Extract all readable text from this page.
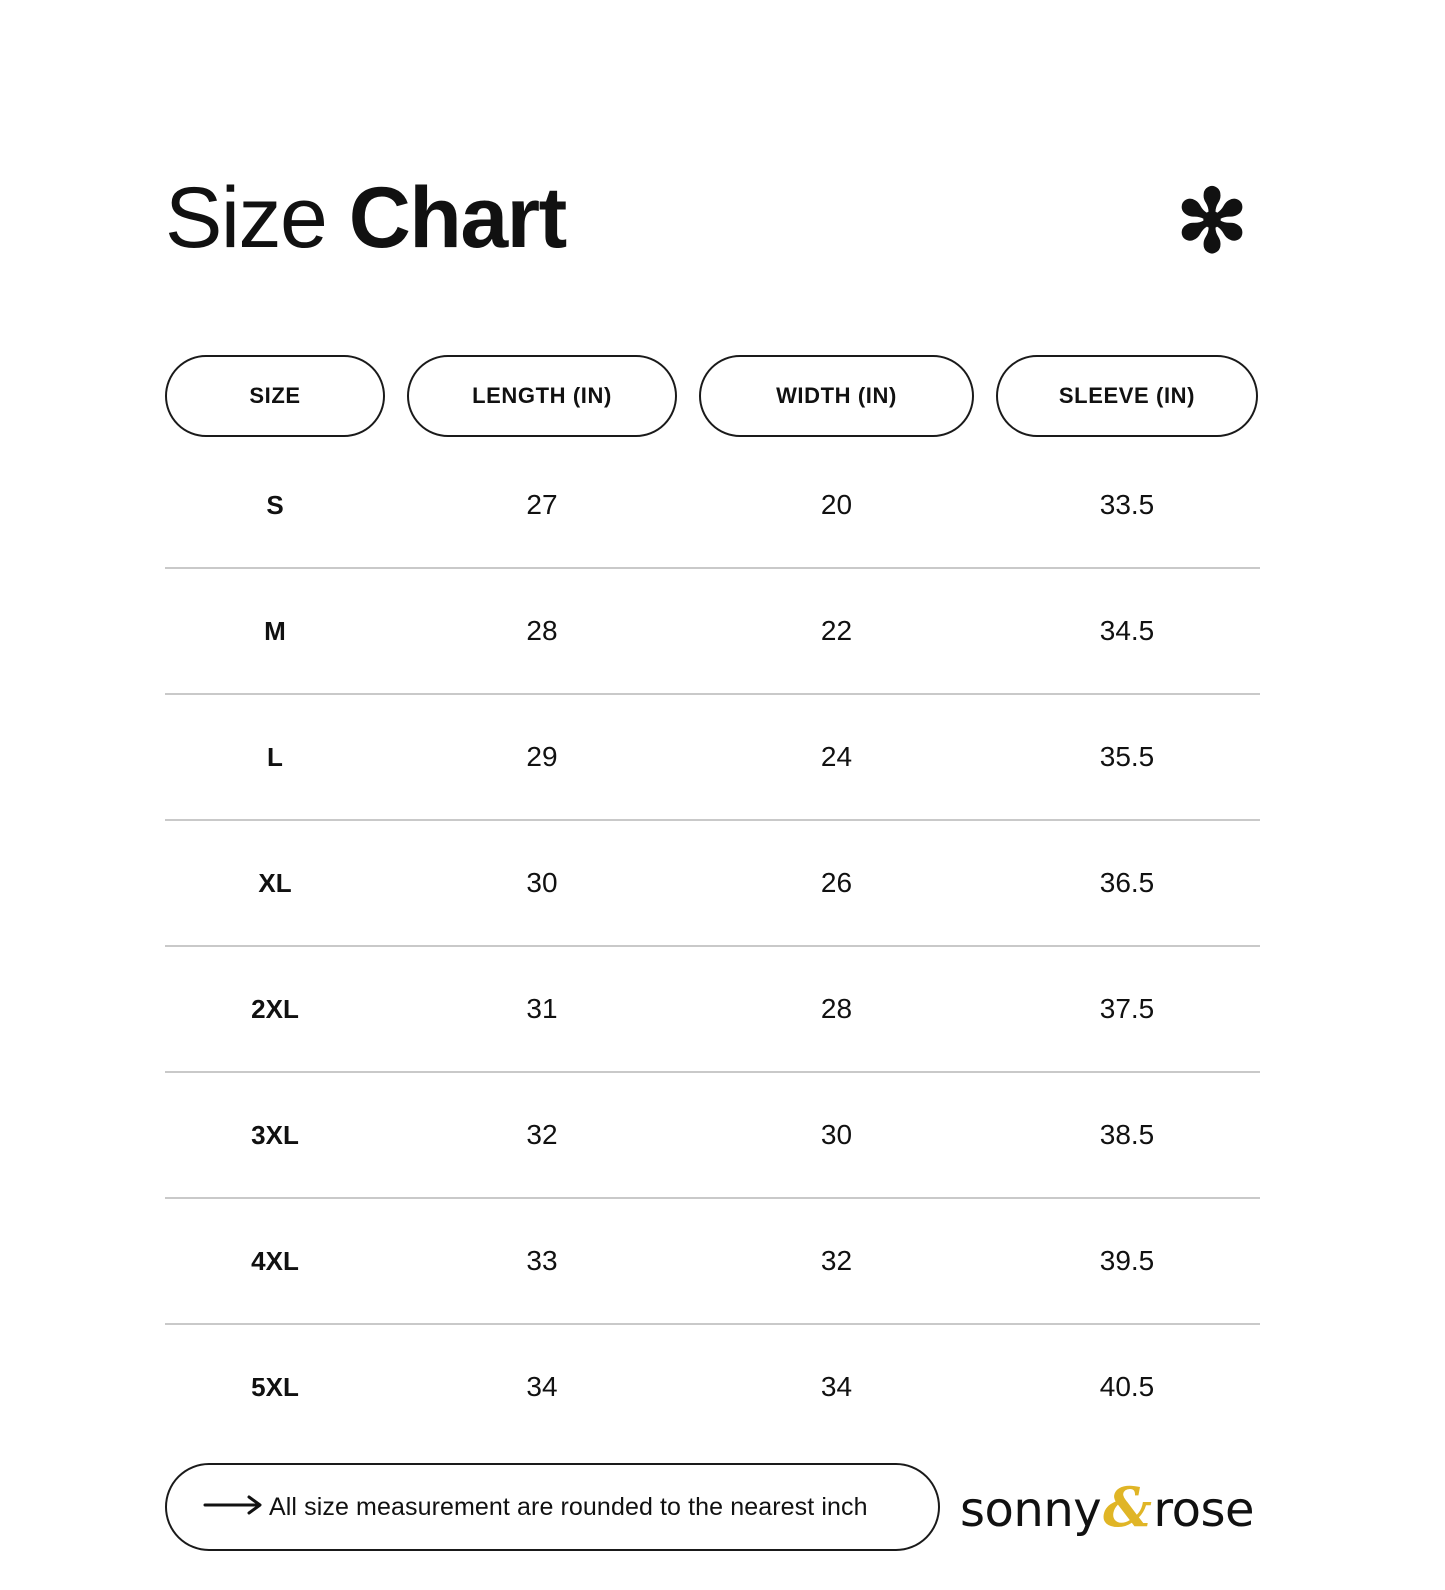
Size Chart	✻
SIZE	LENGTH (IN)	WIDTH (IN)	SLEEVE (IN)
S	27	20	33.5
M	28	22	34.5
L	29	24	35.5
XL	30	26	36.5
2XL	31	28	37.5
3XL	32	30	38.5
4XL	33	32	39.5
5XL	34	34	40.5
All size measurement are rounded to the nearest inch sonny & rose
